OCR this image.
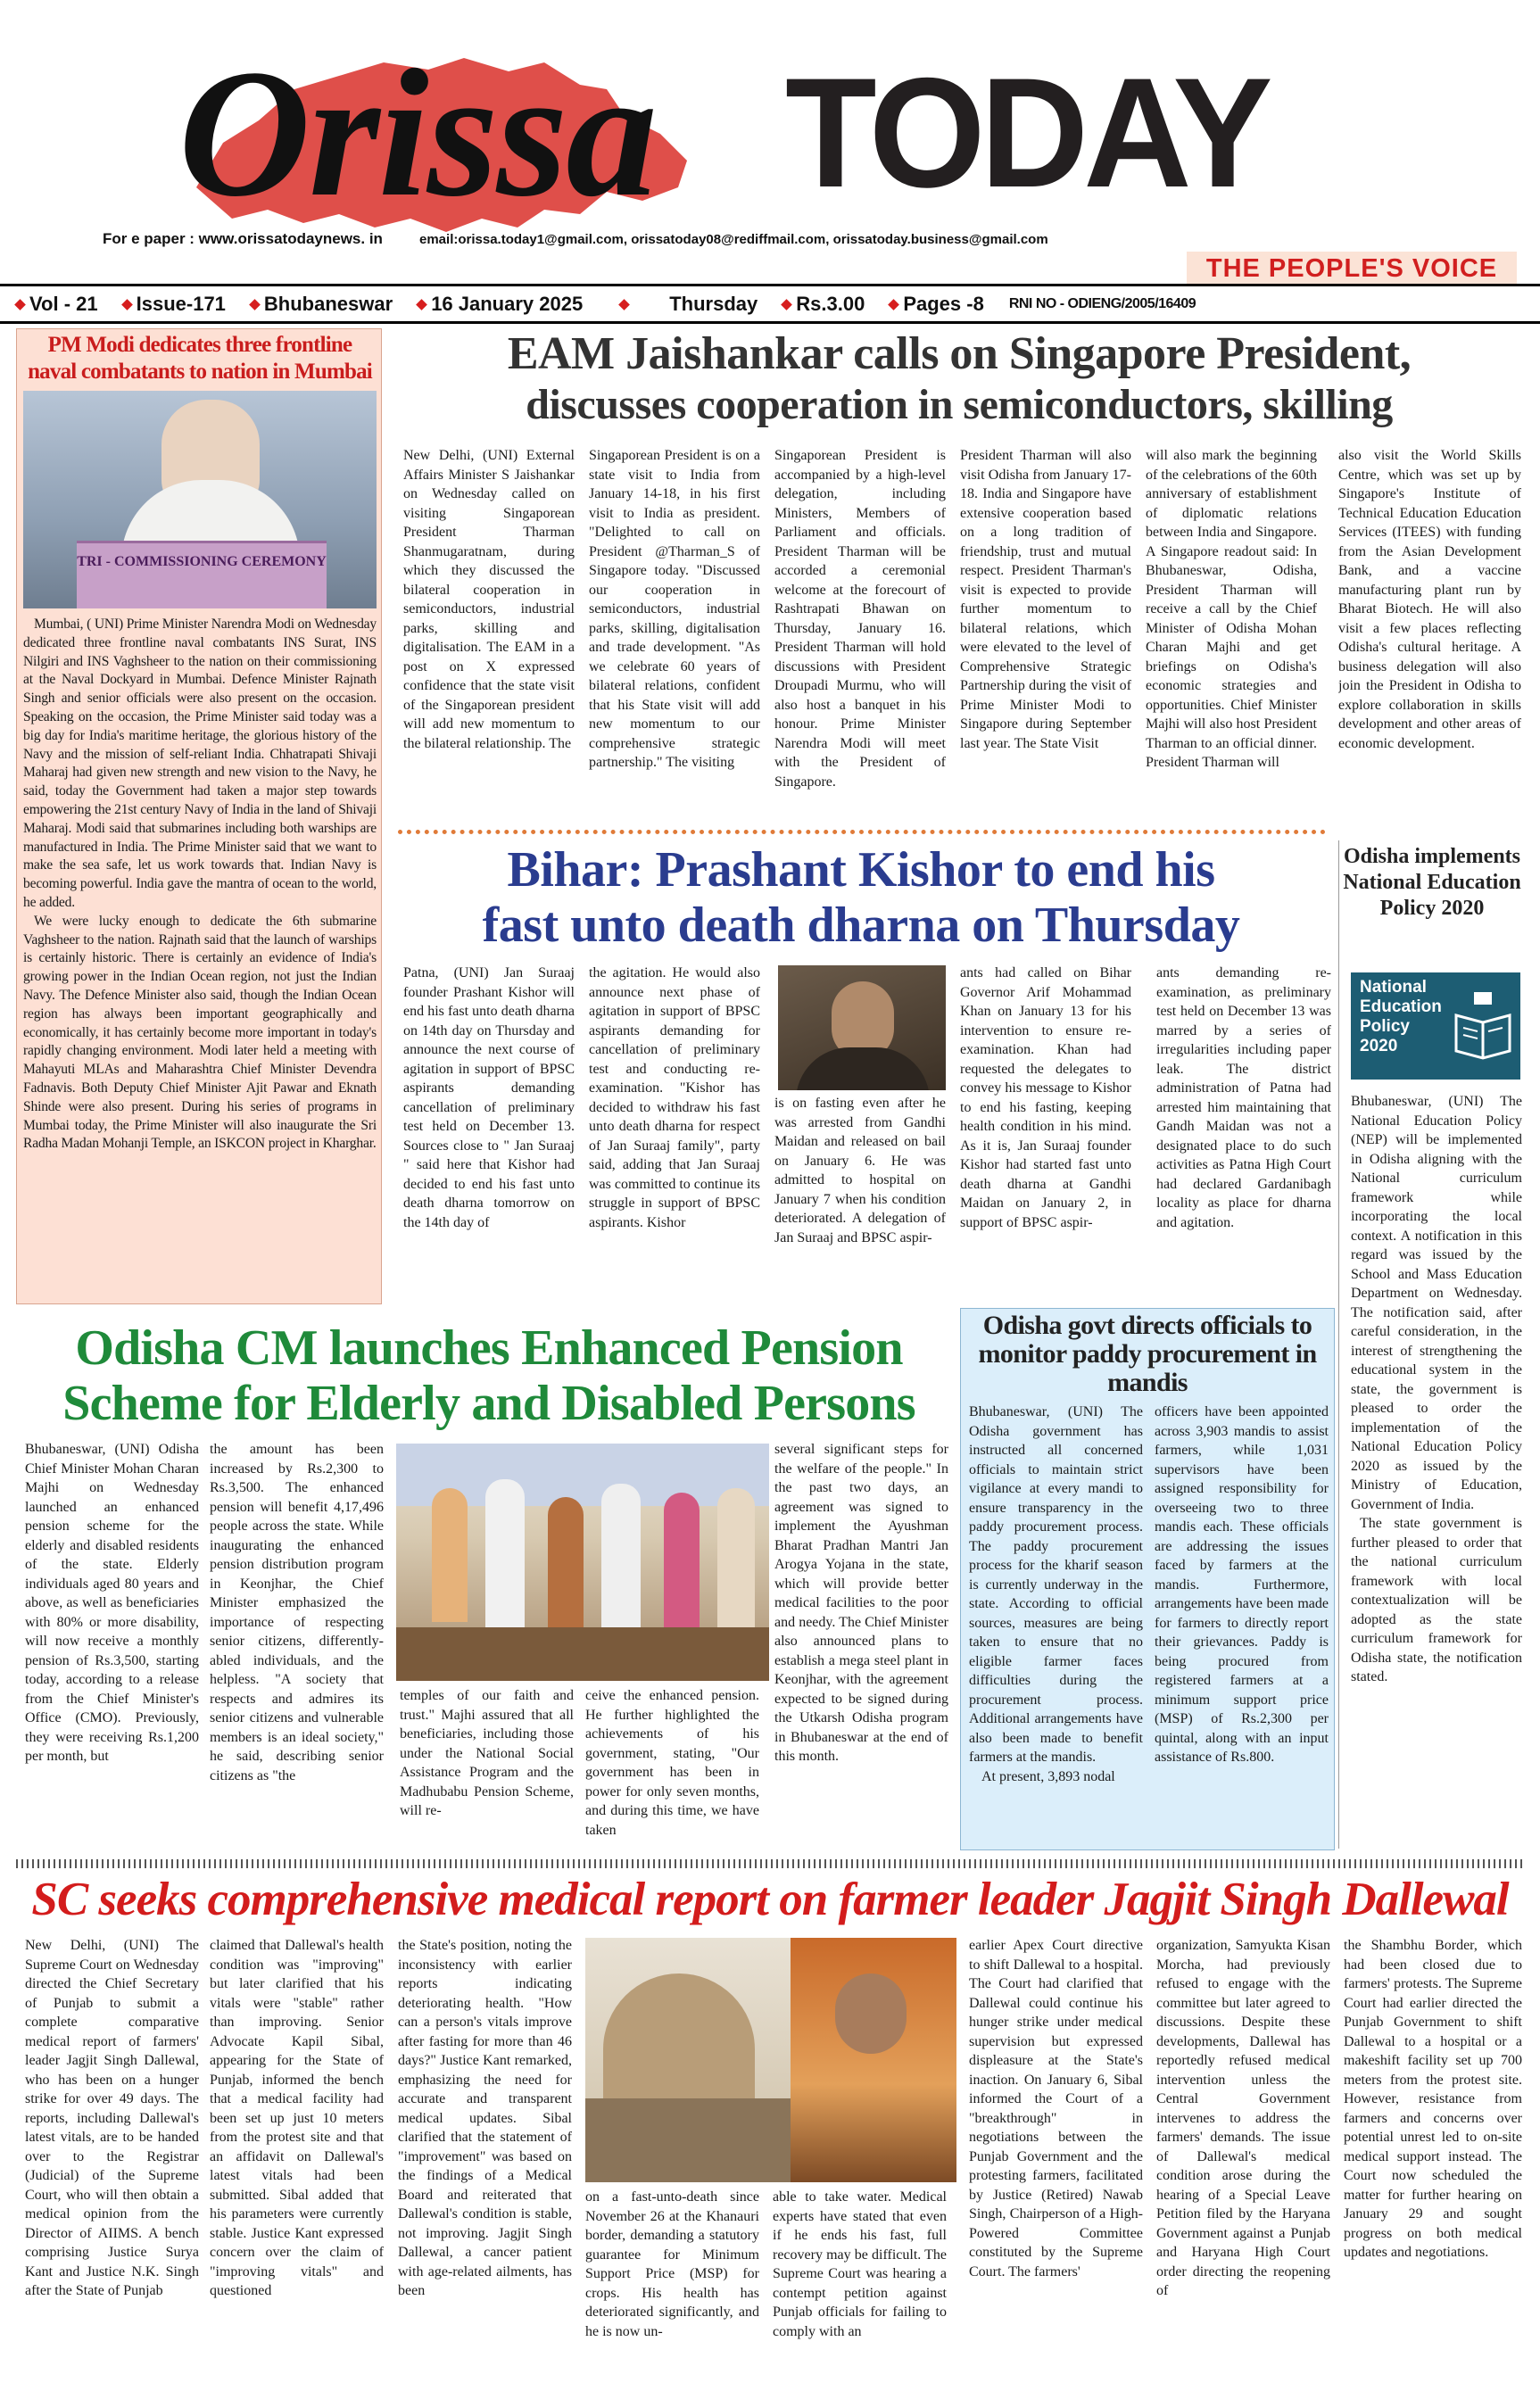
Orissa TODAY
For e paper : www.orissatodaynews. in	email:orissa.today1@gmail.com, orissatoday08@rediffmail.com, orissatoday.business@gmail.com
THE PEOPLE'S VOICE
Vol - 21 Issue-171 Bhubaneswar 16 January 2025	Thursday Rs.3.00 Pages -8 RNI NO - ODIENG/2005/16409
PM Modi dedicates three frontline naval combatants to nation in Mumbai
TRI - COMMISSIONING CEREMONY

Mumbai, ( UNI) Prime Minister Narendra Modi on Wednesday dedicated three frontline naval combatants INS Surat, INS Nilgiri and INS Vaghsheer to the nation on their commissioning at the Naval Dockyard in Mumbai. Defence Minister Rajnath Singh and senior officials were also present on the occasion. Speaking on the occasion, the Prime Minister said today was a big day for India's maritime heritage, the glorious history of the Navy and the mission of self-reliant India. Chhatrapati Shivaji Maharaj had given new strength and new vision to the Navy, he said, today the Government had taken a major step towards empowering the 21st century Navy of India in the land of Shivaji Maharaj. Modi said that submarines including both warships are manufactured in India. The Prime Minister said that we want to make the sea safe, let us work towards that. Indian Navy is becoming powerful. India gave the mantra of ocean to the world, he added.

We were lucky enough to dedicate the 6th submarine Vaghsheer to the nation. Rajnath said that the launch of warships is certainly historic. There is certainly an evidence of India's growing power in the Indian Ocean region, not just the Indian Navy. The Defence Minister also said, though the Indian Ocean region has always been important geographically and economically, it has certainly become more important in today's rapidly changing environment. Modi later held a meeting with Mahayuti MLAs and Maharashtra Chief Minister Devendra Fadnavis. Both Deputy Chief Minister Ajit Pawar and Eknath Shinde were also present. During his series of programs in Mumbai today, the Prime Minister will also inaugurate the Sri Radha Madan Mohanji Temple, an ISKCON project in Kharghar.

EAM Jaishankar calls on Singapore President,
discusses cooperation in semiconductors, skilling
New Delhi, (UNI) External Affairs Minister S Jaishankar on Wednesday called on visiting Singaporean President Tharman Shanmugaratnam, during which they discussed the bilateral cooperation in semiconductors, industrial parks, skilling and digitalisation. The EAM in a post on X expressed confidence that the state visit of the Singaporean president will add new momentum to the bilateral relationship. The
Singaporean President is on a state visit to India from January 14-18, in his first visit to India as president. "Delighted to call on President @Tharman_S of Singapore today. "Discussed our cooperation in semiconductors, industrial parks, skilling, digitalisation and trade development. "As we celebrate 60 years of bilateral relations, confident that his State visit will add new momentum to our comprehensive strategic partnership." The visiting
Singaporean President is accompanied by a high-level delegation, including Ministers, Members of Parliament and officials. President Tharman will be accorded a ceremonial welcome at the forecourt of Rashtrapati Bhawan on Thursday, January 16. President Tharman will hold discussions with President Droupadi Murmu, who will also host a banquet in his honour. Prime Minister Narendra Modi will meet with the President of Singapore.
President Tharman will also visit Odisha from January 17-18. India and Singapore have extensive cooperation based on a long tradition of friendship, trust and mutual respect. President Tharman's visit is expected to provide further momentum to bilateral relations, which were elevated to the level of Comprehensive Strategic Partnership during the visit of Prime Minister Modi to Singapore during September last year. The State Visit
will also mark the beginning of the celebrations of the 60th anniversary of establishment of diplomatic relations between India and Singapore. A Singapore readout said: In Bhubaneswar, Odisha, President Tharman will receive a call by the Chief Minister of Odisha Mohan Charan Majhi and get briefings on Odisha's economic strategies and opportunities. Chief Minister Majhi will also host President Tharman to an official dinner. President Tharman will
also visit the World Skills Centre, which was set up by Singapore's Institute of Technical Education Education Services (ITEES) with funding from the Asian Development Bank, and a vaccine manufacturing plant run by Bharat Biotech. He will also visit a few places reflecting Odisha's cultural heritage. A business delegation will also join the President in Odisha to explore collaboration in skills development and other areas of economic development.
Bihar: Prashant Kishor to end his
fast unto death dharna on Thursday
Patna, (UNI) Jan Suraaj founder Prashant Kishor will end his fast unto death dharna on 14th day on Thursday and announce the next course of agitation in support of BPSC aspirants demanding cancellation of preliminary test held on December 13. Sources close to " Jan Suraaj " said here that Kishor had decided to end his fast unto death dharna tomorrow on the 14th day of
the agitation. He would also announce next phase of agitation in support of BPSC aspirants demanding for cancellation of preliminary test and conducting re-examination. "Kishor has decided to withdraw his fast unto death dharna for respect of Jan Suraaj family", party said, adding that Jan Suraaj was committed to continue its struggle in support of BPSC aspirants. Kishor
is on fasting even after he was arrested from Gandhi Maidan and released on bail on January 6. He was admitted to hospital on January 7 when his condition deteriorated. A delegation of Jan Suraaj and BPSC aspir-
ants had called on Bihar Governor Arif Mohammad Khan on January 13 for his intervention to ensure re-examination. Khan had requested the delegates to convey his message to Kishor to end his fasting, keeping health condition in his mind. As it is, Jan Suraaj founder Kishor had started fast unto death dharna at Gandhi Maidan on January 2, in support of BPSC aspir-
ants demanding re-examination, as preliminary test held on December 13 was marred by a series of irregularities including paper leak. The district administration of Patna had arrested him maintaining that Gandh Maidan was not a designated place to do such activities as Patna High Court had declared Gardanibagh locality as place for dharna and agitation.
Odisha implements National Education Policy 2020
National
Education
Policy
2020

Bhubaneswar, (UNI) The National Education Policy (NEP) will be implemented in Odisha aligning with the National curriculum framework while incorporating the local context. A notification in this regard was issued by the School and Mass Education Department on Wednesday. The notification said, after careful consideration, in the interest of strengthening the educational system in the state, the government is pleased to order the implementation of the National Education Policy 2020 as issued by the Ministry of Education, Government of India.

The state government is further pleased to order that the national curriculum framework with local contextualization will be adopted as the state curriculum framework for Odisha state, the notification stated.

Odisha CM launches Enhanced Pension
Scheme for Elderly and Disabled Persons
Bhubaneswar, (UNI) Odisha Chief Minister Mohan Charan Majhi on Wednesday launched an enhanced pension scheme for the elderly and disabled residents of the state. Elderly individuals aged 80 years and above, as well as beneficiaries with 80% or more disability, will now receive a monthly pension of Rs.3,500, starting today, according to a release from the Chief Minister's Office (CMO). Previously, they were receiving Rs.1,200 per month, but
the amount has been increased by Rs.2,300 to Rs.3,500. The enhanced pension will benefit 4,17,496 people across the state. While inaugurating the enhanced pension distribution program in Keonjhar, the Chief Minister emphasized the importance of respecting senior citizens, differently-abled individuals, and the helpless. "A society that respects and admires its senior citizens and vulnerable members is an ideal society," he said, describing senior citizens as "the
temples of our faith and trust." Majhi assured that all beneficiaries, including those under the National Social Assistance Program and the Madhubabu Pension Scheme, will re-
ceive the enhanced pension. He further highlighted the achievements of his government, stating, "Our government has been in power for only seven months, and during this time, we have taken
several significant steps for the welfare of the people." In the past two days, an agreement was signed to implement the Ayushman Bharat Pradhan Mantri Jan Arogya Yojana in the state, which will provide better medical facilities to the poor and needy. The Chief Minister also announced plans to establish a mega steel plant in Keonjhar, with the agreement expected to be signed during the Utkarsh Odisha program in Bhubaneswar at the end of this month.
Odisha govt directs officials to monitor paddy procurement in mandis

Bhubaneswar, (UNI) The Odisha government has instructed all concerned officials to maintain strict vigilance at every mandi to ensure transparency in the paddy procurement process. The paddy procurement process for the kharif season is currently underway in the state. According to official sources, measures are being taken to ensure that no eligible farmer faces difficulties during the procurement process. Additional arrangements have also been made to benefit farmers at the mandis.

At present, 3,893 nodal

officers have been appointed across 3,903 mandis to assist farmers, while 1,031 supervisors have been assigned responsibility for overseeing two to three mandis each. These officials are addressing the issues faced by farmers at the mandis. Furthermore, arrangements have been made for farmers to directly report their grievances. Paddy is being procured from registered farmers at a minimum support price (MSP) of Rs.2,300 per quintal, along with an input assistance of Rs.800.
SC seeks comprehensive medical report on farmer leader Jagjit Singh Dallewal
New Delhi, (UNI) The Supreme Court on Wednesday directed the Chief Secretary of Punjab to submit a complete comparative medical report of farmers' leader Jagjit Singh Dallewal, who has been on a hunger strike for over 49 days. The reports, including Dallewal's latest vitals, are to be handed over to the Registrar (Judicial) of the Supreme Court, who will then obtain a medical opinion from the Director of AIIMS. A bench comprising Justice Surya Kant and Justice N.K. Singh after the State of Punjab
claimed that Dallewal's health condition was "improving" but later clarified that his vitals were "stable" rather than improving. Senior Advocate Kapil Sibal, appearing for the State of Punjab, informed the bench that a medical facility had been set up just 10 meters from the protest site and that an affidavit on Dallewal's latest vitals had been submitted. Sibal added that his parameters were currently stable. Justice Kant expressed concern over the claim of "improving vitals" and questioned
the State's position, noting the inconsistency with earlier reports indicating deteriorating health. "How can a person's vitals improve after fasting for more than 46 days?" Justice Kant remarked, emphasizing the need for accurate and transparent medical updates. Sibal clarified that the statement of "improvement" was based on the findings of a Medical Board and reiterated that Dallewal's condition is stable, not improving. Jagjit Singh Dallewal, a cancer patient with age-related ailments, has been
on a fast-unto-death since November 26 at the Khanauri border, demanding a statutory guarantee for Minimum Support Price (MSP) for crops. His health has deteriorated significantly, and he is now un-
able to take water. Medical experts have stated that even if he ends his fast, full recovery may be difficult. The Supreme Court was hearing a contempt petition against Punjab officials for failing to comply with an
earlier Apex Court directive to shift Dallewal to a hospital. The Court had clarified that Dallewal could continue his hunger strike under medical supervision but expressed displeasure at the State's inaction. On January 6, Sibal informed the Court of a "breakthrough" in negotiations between the Punjab Government and the protesting farmers, facilitated by Justice (Retired) Nawab Singh, Chairperson of a High-Powered Committee constituted by the Supreme Court. The farmers'
organization, Samyukta Kisan Morcha, had previously refused to engage with the committee but later agreed to discussions. Despite these developments, Dallewal has reportedly refused medical intervention unless the Central Government intervenes to address the farmers' demands. The issue of Dallewal's medical condition arose during the hearing of a Special Leave Petition filed by the Haryana Government against a Punjab and Haryana High Court order directing the reopening of
the Shambhu Border, which had been closed due to farmers' protests. The Supreme Court had earlier directed the Punjab Government to shift Dallewal to a hospital or a makeshift facility set up 700 meters from the protest site. However, resistance from farmers and concerns over potential unrest led to on-site medical support instead. The Court now scheduled the matter for further hearing on January 29 and sought progress on both medical updates and negotiations.
